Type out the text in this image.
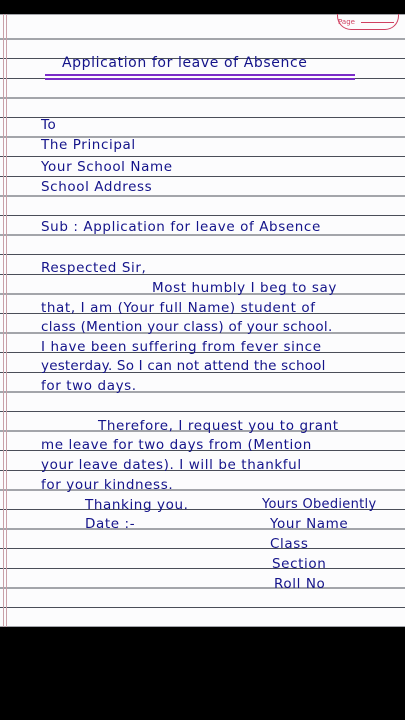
Page
Application for leave of Absence
To
The Principal
Your School Name
School Address
Sub : Application for leave of Absence
Respected Sir,
Most humbly I beg to say
that, I am (Your full Name) student of
class (Mention your class) of your school.
I have been suffering from fever since
yesterday. So I can not attend the school
for two days.
Therefore, I request you to grant
me leave for two days from (Mention
your leave dates). I will be thankful
for your kindness.
Thanking you.	Yours Obediently
Date :-	Your Name
Class
Section
Roll No
